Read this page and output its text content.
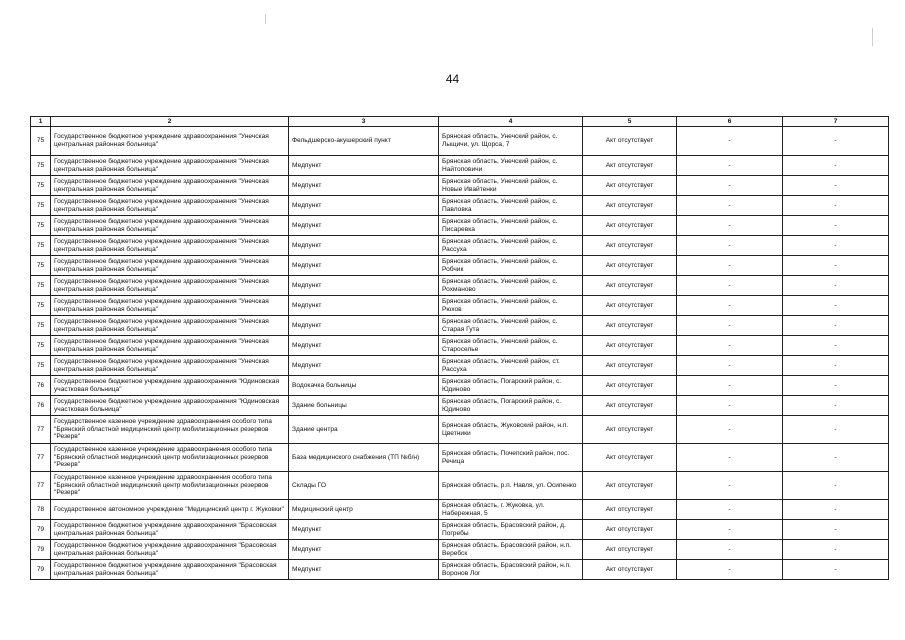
44
1	2	3	4	5	6	7
75	Государственное бюджетное учреждение здравоохранения "Унечская центральная районная больница"	Фельдшерско-акушерский пункт	Брянская область, Унечский район, с. Лыщичи, ул. Щорса, 7	Акт отсутствует	-	-
75	Государственное бюджетное учреждение здравоохранения "Унечская центральная районная больница"	Медпункт	Брянская область, Унечский район, с. Найтоповичи	Акт отсутствует	-	-
75	Государственное бюджетное учреждение здравоохранения "Унечская центральная районная больница"	Медпункт	Брянская область, Унечский район, с. Новые Ивайтенки	Акт отсутствует	-	-
75	Государственное бюджетное учреждение здравоохранения "Унечская центральная районная больница"	Медпункт	Брянская область, Унечский район, с. Павловка	Акт отсутствует	-	-
75	Государственное бюджетное учреждение здравоохранения "Унечская центральная районная больница"	Медпункт	Брянская область, Унечский район, с. Писаревка	Акт отсутствует	-	-
75	Государственное бюджетное учреждение здравоохранения "Унечская центральная районная больница"	Медпункт	Брянская область, Унечский район, с. Рассуха	Акт отсутствует	-	-
75	Государственное бюджетное учреждение здравоохранения "Унечская центральная районная больница"	Медпункт	Брянская область, Унечский район, с. Робчик	Акт отсутствует	-	-
75	Государственное бюджетное учреждение здравоохранения "Унечская центральная районная больница"	Медпункт	Брянская область, Унечский район, с. Рохманово	Акт отсутствует	-	-
75	Государственное бюджетное учреждение здравоохранения "Унечская центральная районная больница"	Медпункт	Брянская область, Унечский район, с. Рюхов	Акт отсутствует	-	-
75	Государственное бюджетное учреждение здравоохранения "Унечская центральная районная больница"	Медпункт	Брянская область, Унечский район, с. Старая Гута	Акт отсутствует	-	-
75	Государственное бюджетное учреждение здравоохранения "Унечская центральная районная больница"	Медпункт	Брянская область, Унечский район, с. Старосельe	Акт отсутствует	-	-
75	Государственное бюджетное учреждение здравоохранения "Унечская центральная районная больница"	Медпункт	Брянская область, Унечский район, ст. Рассуха	Акт отсутствует	-	-
76	Государственное бюджетное учреждение здравоохранения "Юдиновская участковая больница"	Водокачка больницы	Брянская область, Погарский район, с. Юдиново	Акт отсутствует	-	-
76	Государственное бюджетное учреждение здравоохранения "Юдиновская участковая больница"	Здание больницы	Брянская область, Погарский район, с. Юдиново	Акт отсутствует	-	-
77	Государственное казенное учреждение здравоохранения особого типа "Брянский областной медицинский центр мобилизационных резервов "Резерв"	Здание центра	Брянская область, Жуковский район, н.п. Цветники	Акт отсутствует	-	-
77	Государственное казенное учреждение здравоохранения особого типа "Брянский областной медицинский центр мобилизационных резервов "Резерв"	База медицинского снабжения (ТП №б/н)	Брянская область, Почепский район, пос. Речица	Акт отсутствует	-	-
77	Государственное казенное учреждение здравоохранения особого типа "Брянский областной медицинский центр мобилизационных резервов "Резерв"	Склады ГО	Брянская область, р.п. Навля, ул. Осипенко	Акт отсутствует	-	-
78	Государственное автономное учреждение "Медицинский центр г. Жуковки"	Медицинский центр	Брянская область, г. Жуковка, ул. Набережная, 5	Акт отсутствует	-	-
79	Государственное бюджетное учреждение здравоохранения "Брасовская центральная районная больница"	Медпункт	Брянская область, Брасовский район, д. Погребы	Акт отсутствует	-	-
79	Государственное бюджетное учреждение здравоохранения "Брасовская центральная районная больница"	Медпункт	Брянская область, Брасовский район, н.п. Веребск	Акт отсутствует	-	-
79	Государственное бюджетное учреждение здравоохранения "Брасовская центральная районная больница"	Медпункт	Брянская область, Брасовский район, н.п. Воронов Лог	Акт отсутствует	-	-
